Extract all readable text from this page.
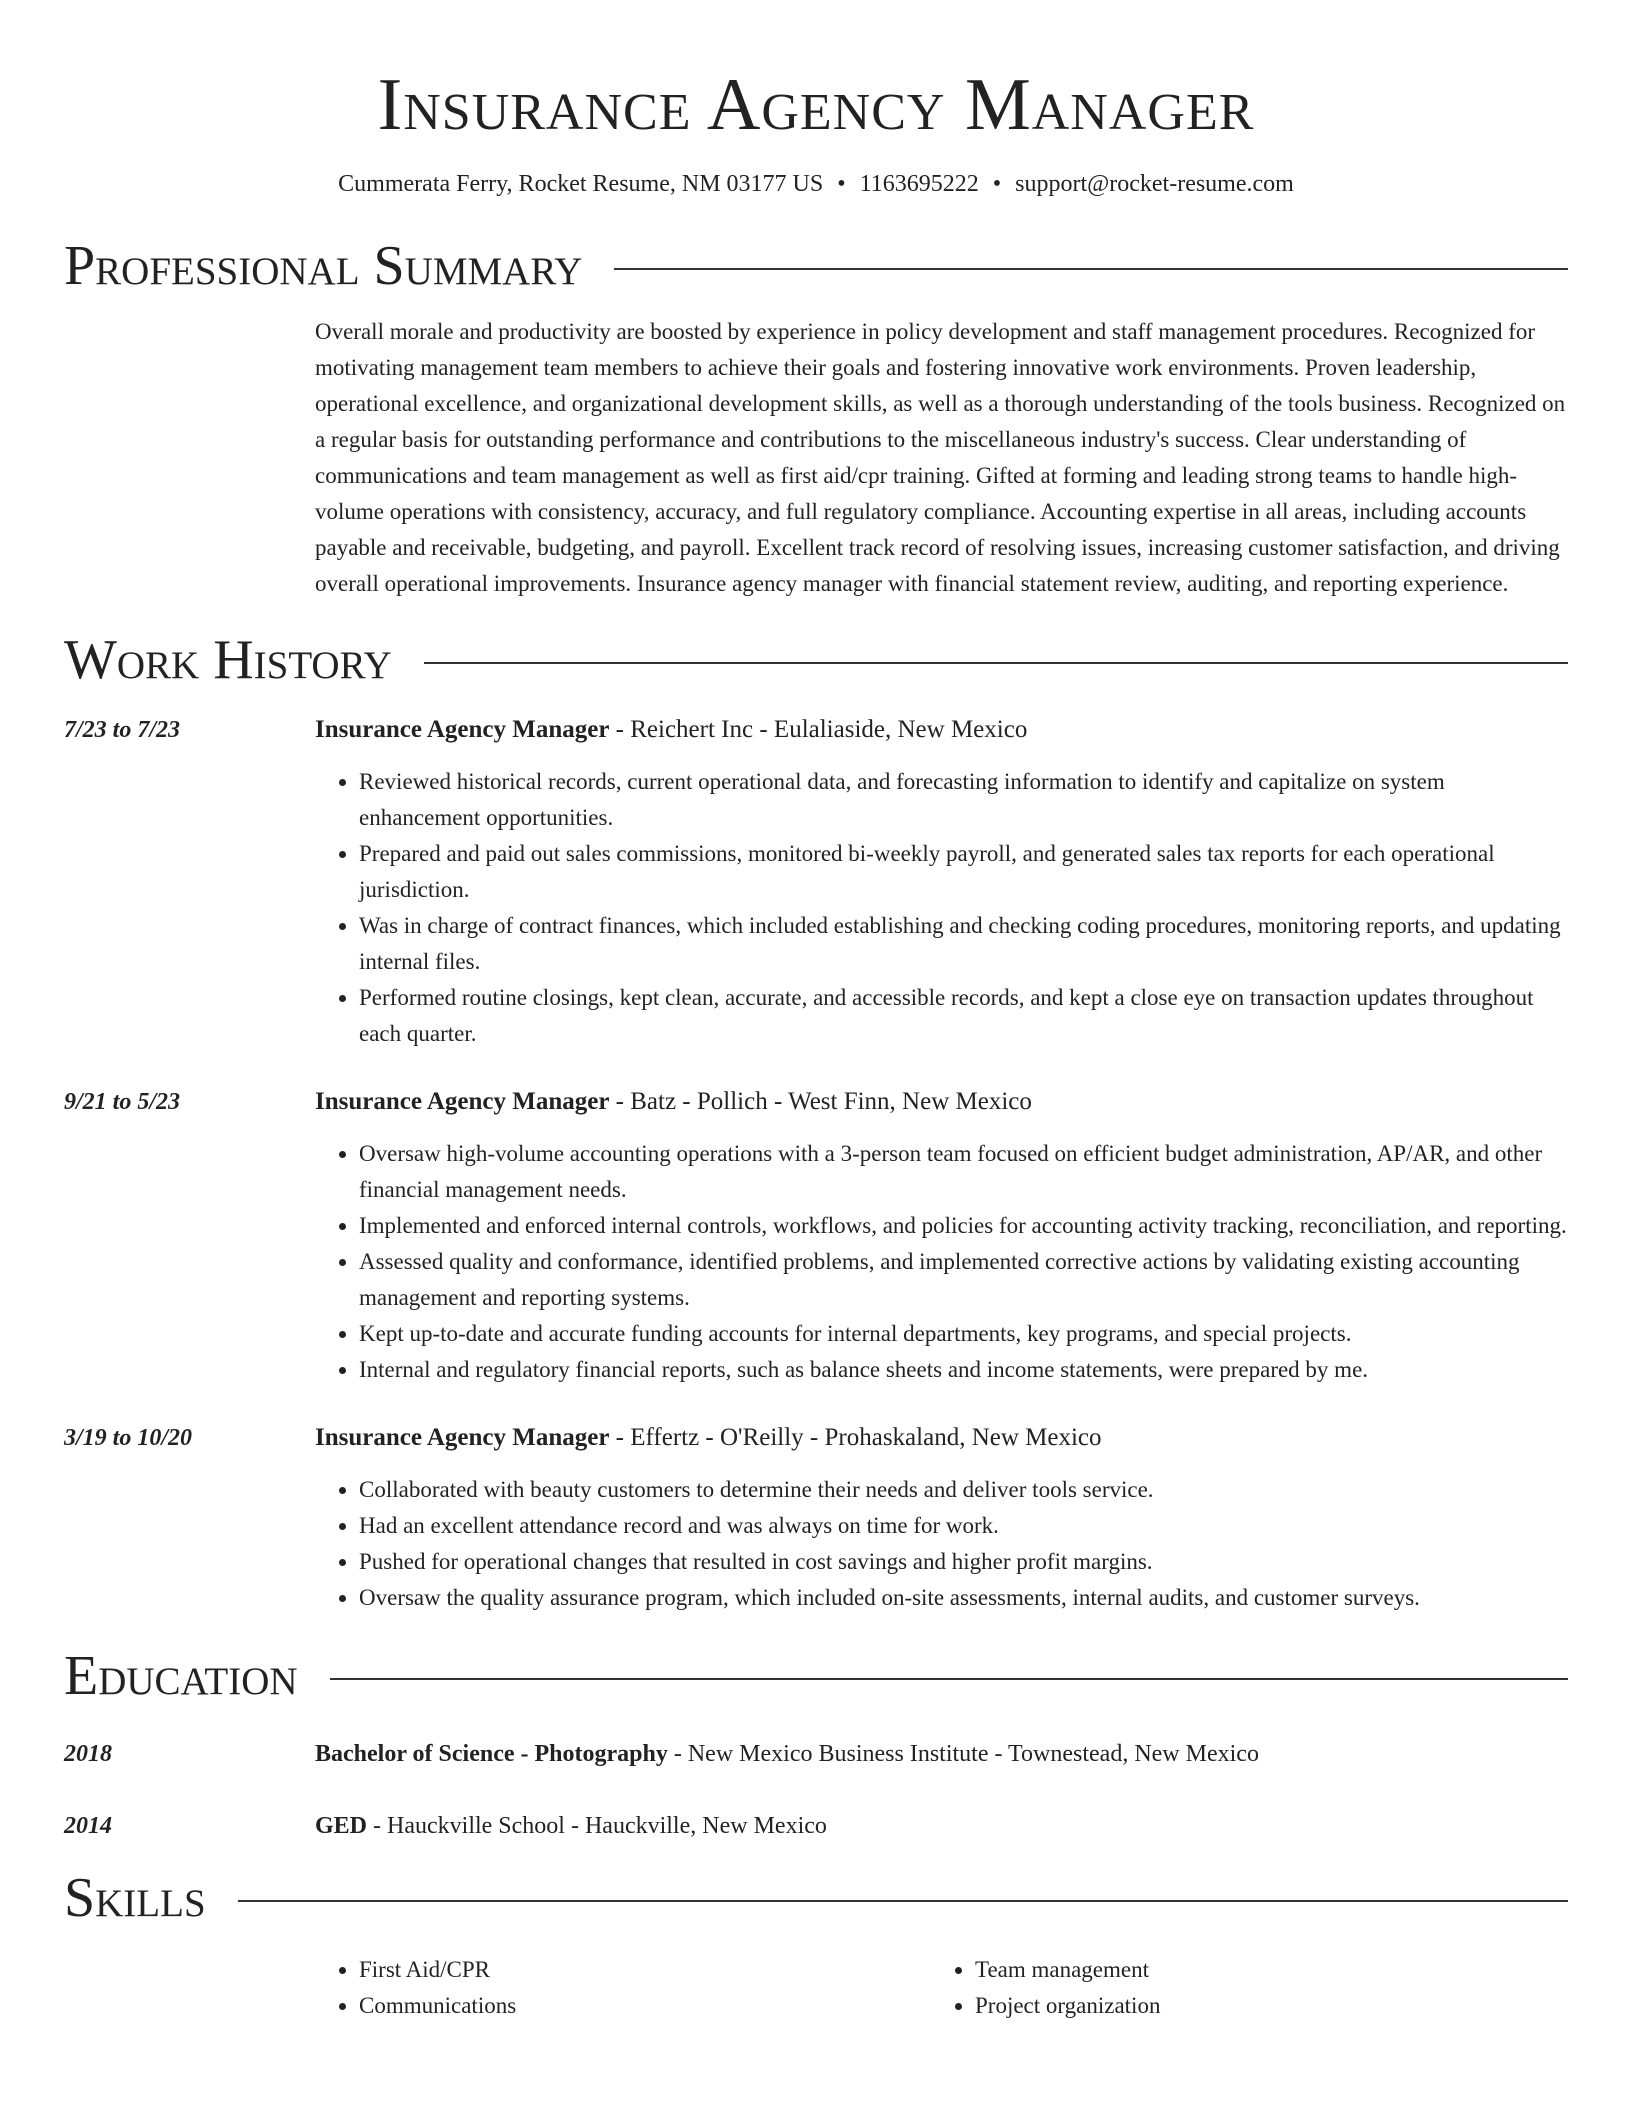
Insurance Agency Manager
Cummerata Ferry, Rocket Resume, NM 03177 US • 1163695222 • support@rocket-resume.com
Professional Summary
Overall morale and productivity are boosted by experience in policy development and staff management procedures. Recognized for motivating management team members to achieve their goals and fostering innovative work environments. Proven leadership, operational excellence, and organizational development skills, as well as a thorough understanding of the tools business. Recognized on a regular basis for outstanding performance and contributions to the miscellaneous industry's success. Clear understanding of communications and team management as well as first aid/cpr training. Gifted at forming and leading strong teams to handle high-volume operations with consistency, accuracy, and full regulatory compliance. Accounting expertise in all areas, including accounts payable and receivable, budgeting, and payroll. Excellent track record of resolving issues, increasing customer satisfaction, and driving overall operational improvements. Insurance agency manager with financial statement review, auditing, and reporting experience.
Work History
7/23 to 7/23	Insurance Agency Manager - Reichert Inc - Eulaliaside, New Mexico
• Reviewed historical records, current operational data, and forecasting information to identify and capitalize on system enhancement opportunities.
• Prepared and paid out sales commissions, monitored bi-weekly payroll, and generated sales tax reports for each operational jurisdiction.
• Was in charge of contract finances, which included establishing and checking coding procedures, monitoring reports, and updating internal files.
• Performed routine closings, kept clean, accurate, and accessible records, and kept a close eye on transaction updates throughout each quarter.
9/21 to 5/23	Insurance Agency Manager - Batz - Pollich - West Finn, New Mexico
• Oversaw high-volume accounting operations with a 3-person team focused on efficient budget administration, AP/AR, and other financial management needs.
• Implemented and enforced internal controls, workflows, and policies for accounting activity tracking, reconciliation, and reporting.
• Assessed quality and conformance, identified problems, and implemented corrective actions by validating existing accounting management and reporting systems.
• Kept up-to-date and accurate funding accounts for internal departments, key programs, and special projects.
• Internal and regulatory financial reports, such as balance sheets and income statements, were prepared by me.
3/19 to 10/20	Insurance Agency Manager - Effertz - O'Reilly - Prohaskaland, New Mexico
• Collaborated with beauty customers to determine their needs and deliver tools service.
• Had an excellent attendance record and was always on time for work.
• Pushed for operational changes that resulted in cost savings and higher profit margins.
• Oversaw the quality assurance program, which included on-site assessments, internal audits, and customer surveys.
Education
2018	Bachelor of Science - Photography - New Mexico Business Institute - Townestead, New Mexico
2014	GED - Hauckville School - Hauckville, New Mexico
Skills
• First Aid/CPR
• Communications
• Team management
• Project organization
